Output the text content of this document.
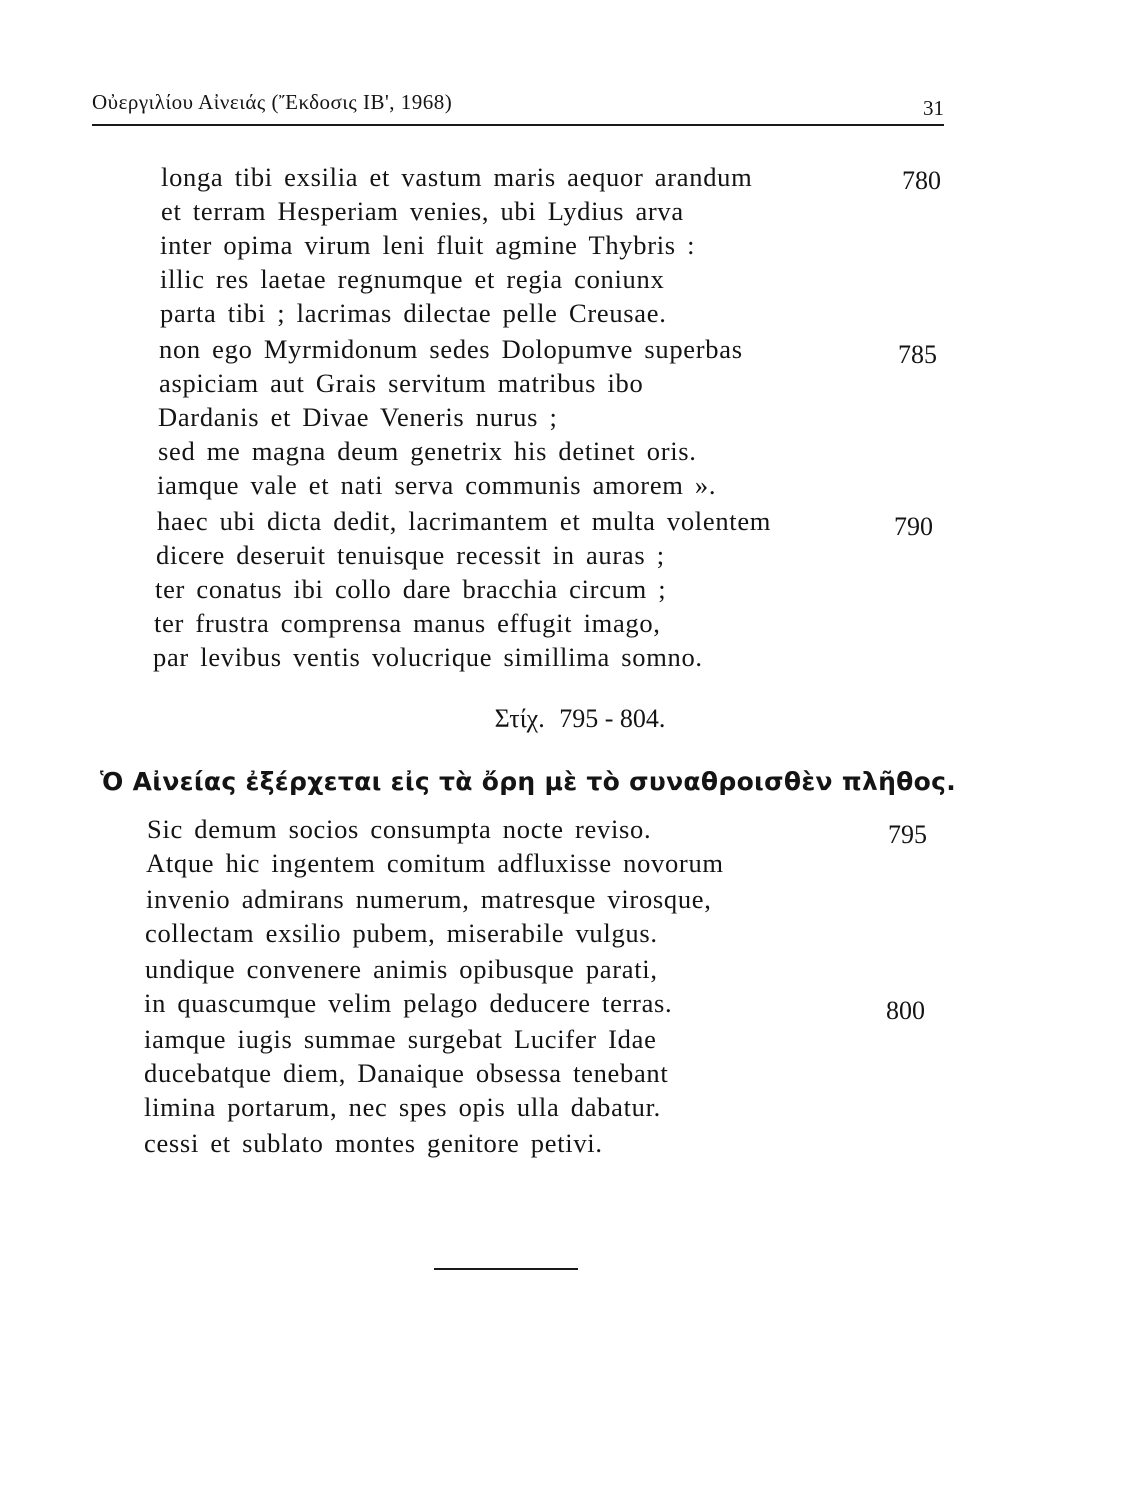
Οὐεργιλίου Αἰνειάς (Ἔκδοσις ΙΒ', 1968)	31
longa tibi exsilia et vastum maris aequor arandum
et terram Hesperiam venies, ubi Lydius arva
inter opima virum leni fluit agmine Thybris :
illic res laetae regnumque et regia coniunx
parta tibi ; lacrimas dilectae pelle Creusae.
non ego Myrmidonum sedes Dolopumve superbas
aspiciam aut Grais servitum matribus ibo
Dardanis et Divae Veneris nurus ;
sed me magna deum genetrix his detinet oris.
iamque vale et nati serva communis amorem ».
haec ubi dicta dedit, lacrimantem et multa volentem
dicere deseruit tenuisque recessit in auras ;
ter conatus ibi collo dare bracchia circum ;
ter frustra comprensa manus effugit imago,
par levibus ventis volucrique simillima somno.
780
785
790
Στίχ. 795 - 804.
Ὁ Αἰνείας ἐξέρχεται εἰς τὰ ὄρη μὲ τὸ συναθροισθὲν πλῆθος.
Sic demum socios consumpta nocte reviso.
Atque hic ingentem comitum adfluxisse novorum
invenio admirans numerum, matresque virosque,
collectam exsilio pubem, miserabile vulgus.
undique convenere animis opibusque parati,
in quascumque velim pelago deducere terras.
iamque iugis summae surgebat Lucifer Idae
ducebatque diem, Danaique obsessa tenebant
limina portarum, nec spes opis ulla dabatur.
cessi et sublato montes genitore petivi.
795
800
